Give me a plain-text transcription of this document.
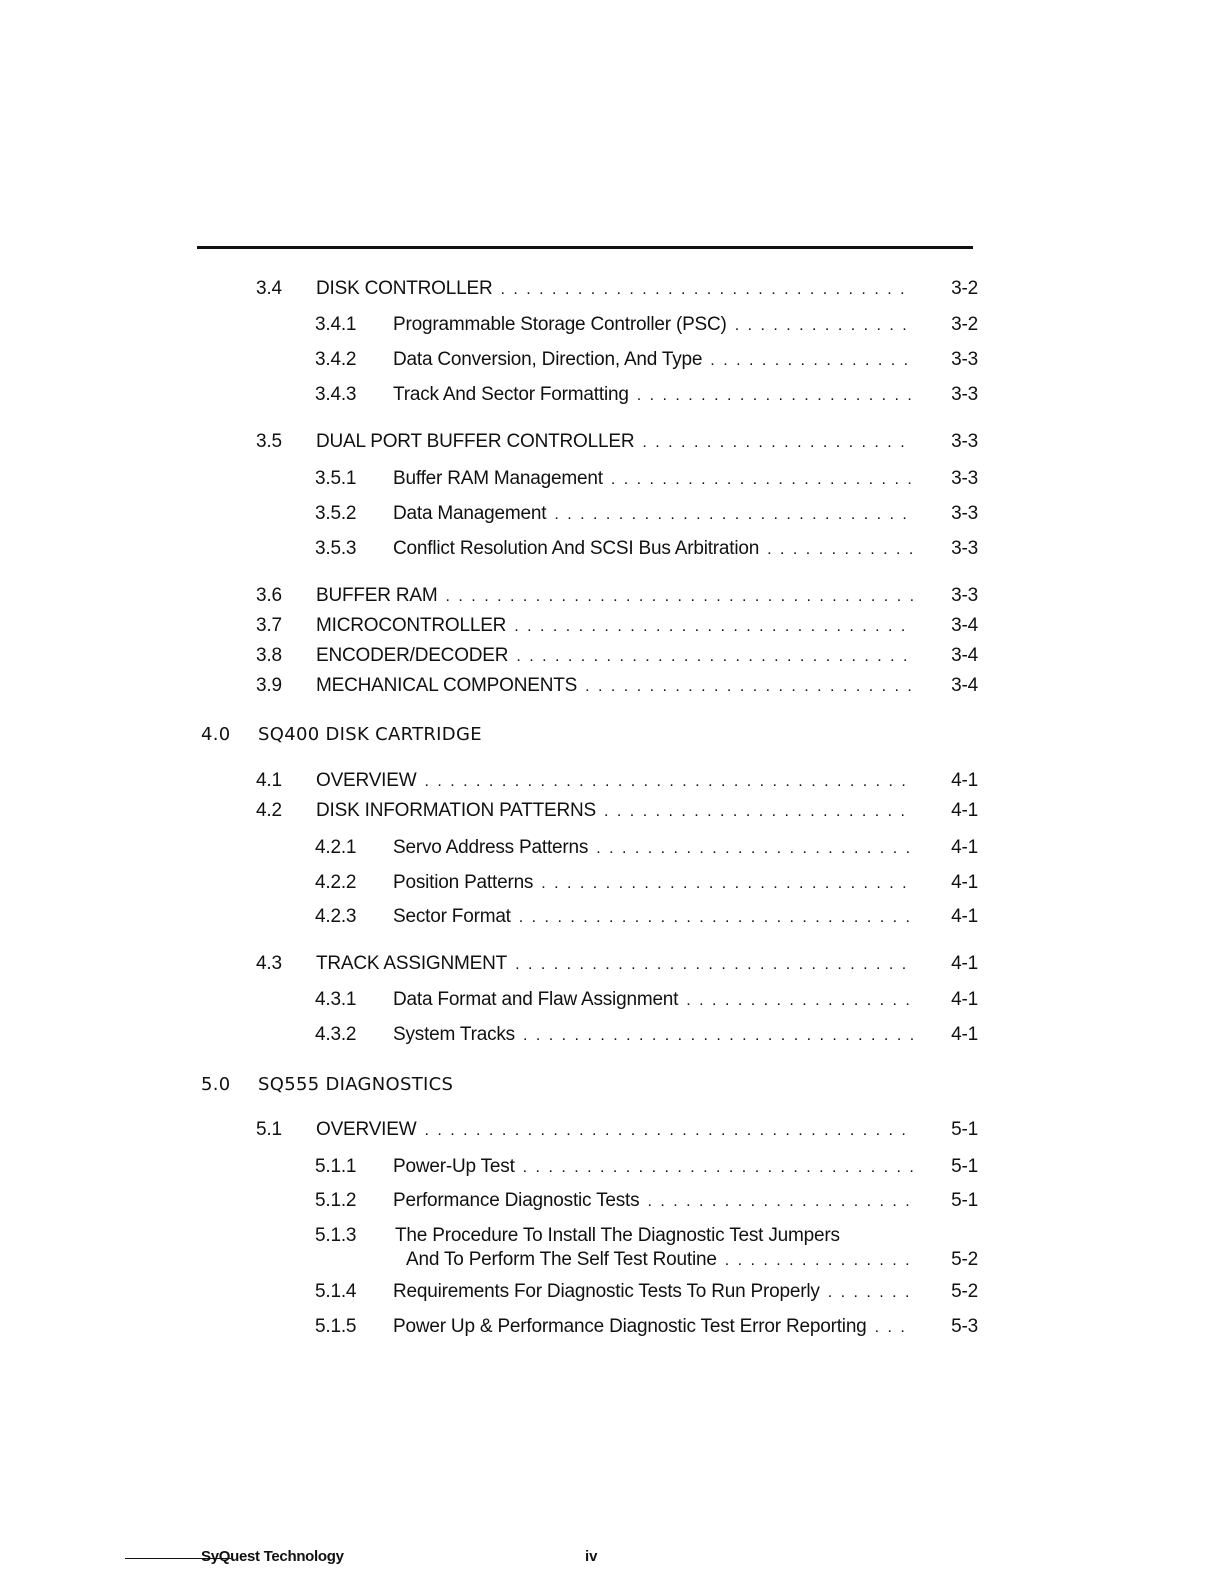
3.4 DISK CONTROLLER . . .	3-2
3.4.1 Programmable Storage Controller (PSC) . . .	3-2
3.4.2 Data Conversion, Direction, And Type . . .	3-3
3.4.3 Track And Sector Formatting . . .	3-3
3.5 DUAL PORT BUFFER CONTROLLER . . .	3-3
3.5.1 Buffer RAM Management . . .	3-3
3.5.2 Data Management . . .	3-3
3.5.3 Conflict Resolution And SCSI Bus Arbitration . . .	3-3
3.6 BUFFER RAM . . .	3-3
3.7 MICROCONTROLLER . . .	3-4
3.8 ENCODER/DECODER . . .	3-4
3.9 MECHANICAL COMPONENTS . . .	3-4
4.0 SQ400 DISK CARTRIDGE
4.1 OVERVIEW . . .	4-1
4.2 DISK INFORMATION PATTERNS . . .	4-1
4.2.1 Servo Address Patterns . . .	4-1
4.2.2 Position Patterns . . .	4-1
4.2.3 Sector Format . . .	4-1
4.3 TRACK ASSIGNMENT . . .	4-1
4.3.1 Data Format and Flaw Assignment . . .	4-1
4.3.2 System Tracks . . .	4-1
5.0 SQ555 DIAGNOSTICS
5.1 OVERVIEW . . .	5-1
5.1.1 Power-Up Test . . .	5-1
5.1.2 Performance Diagnostic Tests . . .	5-1
5.1.3 The Procedure To Install The Diagnostic Test Jumpers
And To Perform The Self Test Routine . . .	5-2
5.1.4 Requirements For Diagnostic Tests To Run Properly . . .	5-2
5.1.5 Power Up & Performance Diagnostic Test Error Reporting . . .	5-3
SyQuest Technology	iv
